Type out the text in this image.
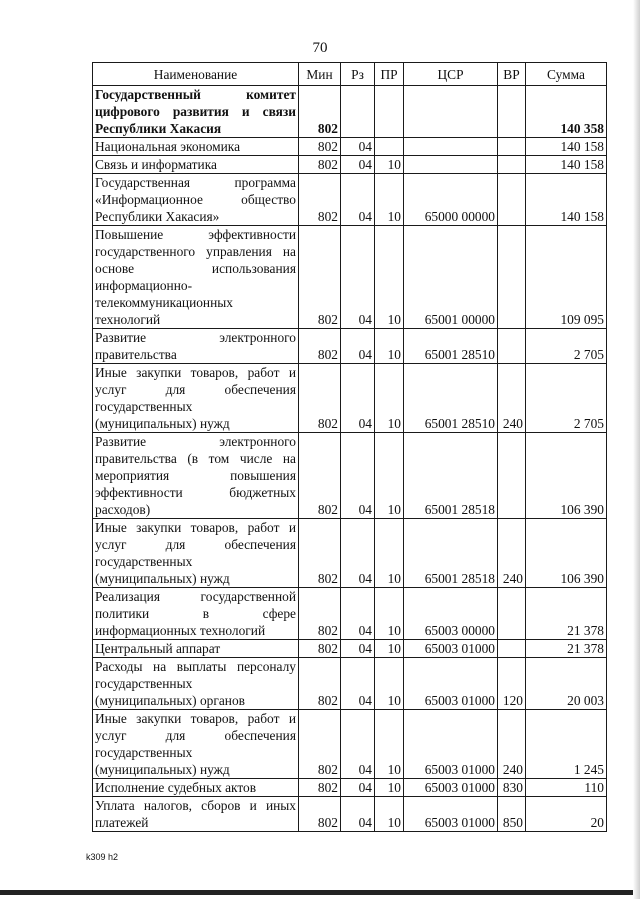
70
Наименование	Мин	Рз	ПР	ЦСР	ВР	Сумма
Государственный комитет цифрового развития и связи Республики Хакасия	802					140 358
Национальная экономика	802	04				140 158
Связь и информатика	802	04	10			140 158
Государственная программа «Информационное общество Республики Хакасия»	802	04	10	65000 00000		140 158
Повышение эффективности государственного управления на основе использования информационно-телекоммуникационных технологий	802	04	10	65001 00000		109 095
Развитие электронного правительства	802	04	10	65001 28510		2 705
Иные закупки товаров, работ и услуг для обеспечения государственных (муниципальных) нужд	802	04	10	65001 28510	240	2 705
Развитие электронного правительства (в том числе на мероприятия повышения эффективности бюджетных расходов)	802	04	10	65001 28518		106 390
Иные закупки товаров, работ и услуг для обеспечения государственных (муниципальных) нужд	802	04	10	65001 28518	240	106 390
Реализация государственной политики в сфере информационных технологий	802	04	10	65003 00000		21 378
Центральный аппарат	802	04	10	65003 01000		21 378
Расходы на выплаты персоналу государственных (муниципальных) органов	802	04	10	65003 01000	120	20 003
Иные закупки товаров, работ и услуг для обеспечения государственных (муниципальных) нужд	802	04	10	65003 01000	240	1 245
Исполнение судебных актов	802	04	10	65003 01000	830	110
Уплата налогов, сборов и иных платежей	802	04	10	65003 01000	850	20
k309 h2
